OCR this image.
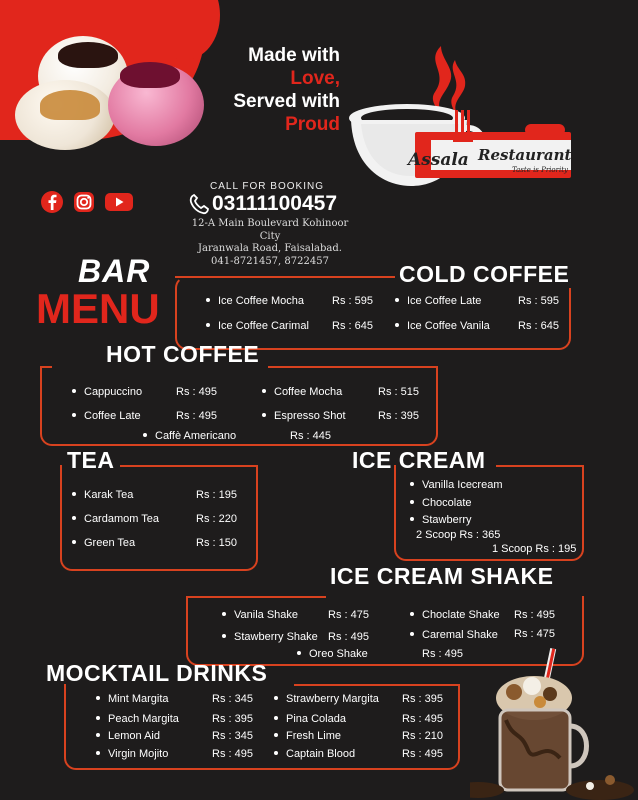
Made with
Love,
Served with
Proud
Assala Restaurant
Taste is Priority
CALL FOR BOOKING
03111100457
12-A Main Boulevard Kohinoor City
Jaranwala Road, Faisalabad.
041-8721457, 8722457
BAR
MENU
COLD COFFEE
Ice Coffee Mocha	Rs : 595
Ice Coffee Carimal Rs : 645
Ice Coffee Late	Rs : 595
Ice Coffee Vanila	Rs : 645
HOT COFFEE
Cappuccino	Rs : 495
Coffee Late	Rs : 495
Coffee Mocha	Rs : 515
Espresso Shot	Rs : 395
Caffè Americano	Rs : 445
TEA
Karak Tea	Rs : 195
Cardamom Tea	Rs : 220
Green Tea	Rs : 150
ICE CREAM
Vanilla Icecream
Chocolate
Stawberry
2 Scoop Rs : 365
1 Scoop Rs : 195
ICE CREAM SHAKE
Vanila Shake	Rs : 475
Stawberry Shake Rs : 495
Choclate Shake Rs : 495
Caremal Shake Rs : 475
Oreo Shake	Rs : 495
MOCKTAIL DRINKS
Mint Margita	Rs : 345
Peach Margita	Rs : 395
Lemon Aid	Rs : 345
Virgin Mojito	Rs : 495
Strawberry Margita Rs : 395
Pina Colada	Rs : 495
Fresh Lime	Rs : 210
Captain Blood	Rs : 495
